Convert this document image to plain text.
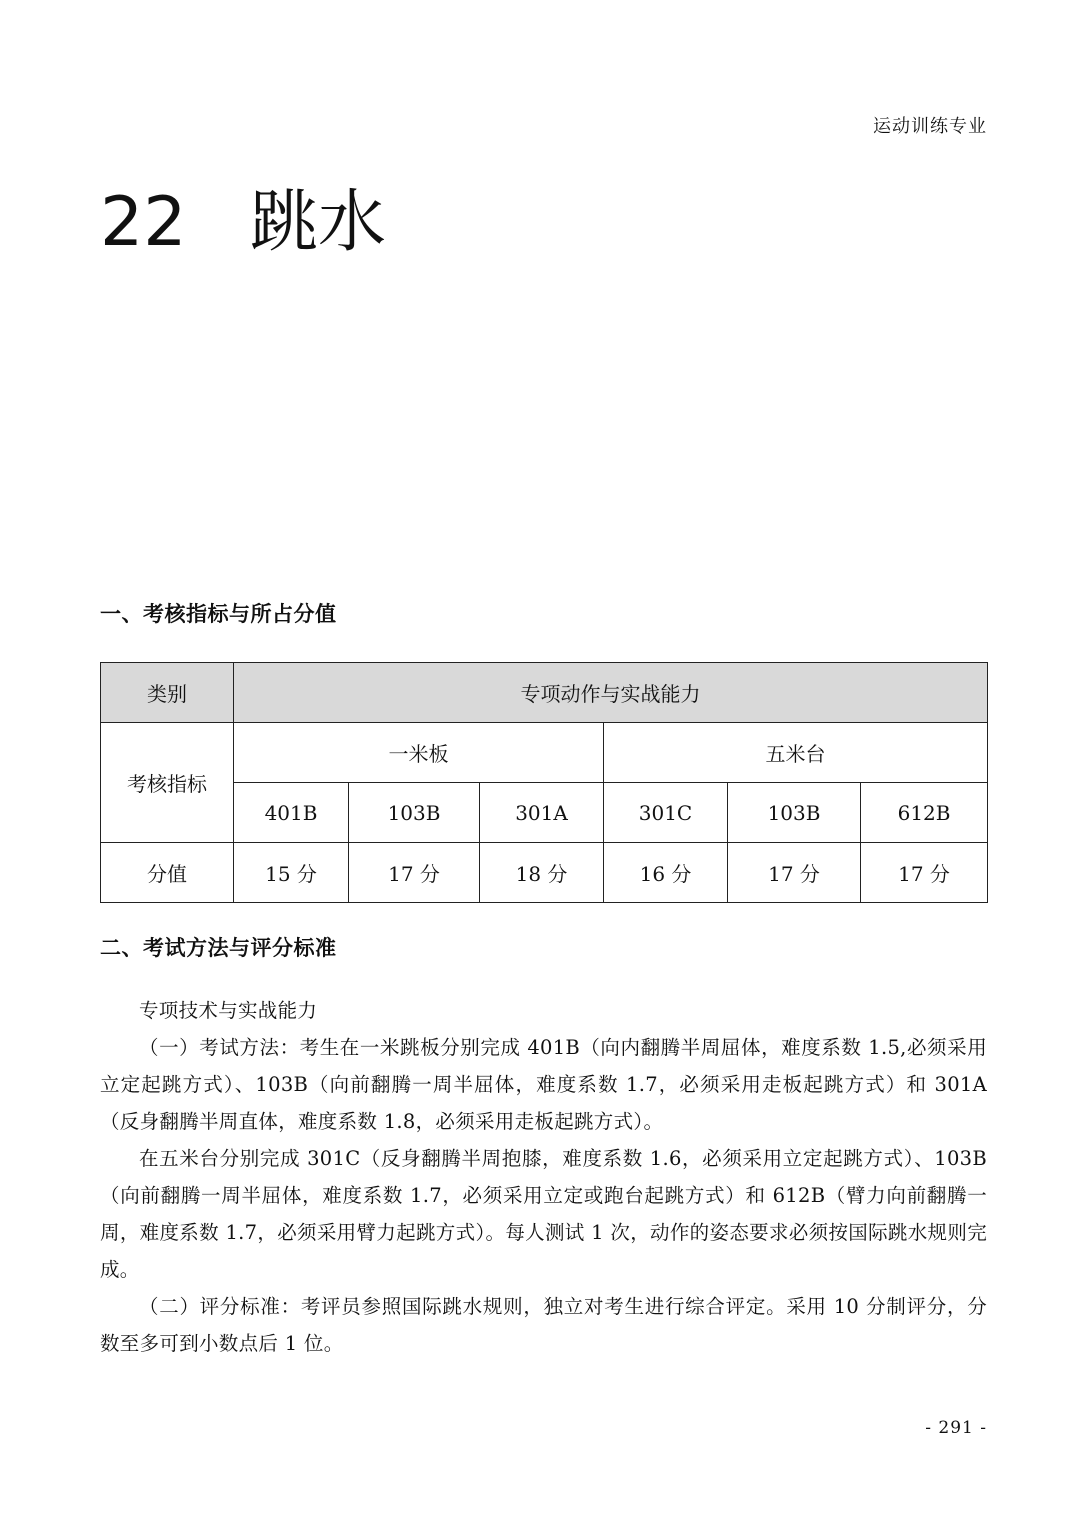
运动训练专业
22 跳水
一、考核指标与所占分值
类别	专项动作与实战能力					
考核指标	一米板			五米台		
	401B	103B	301A	301C	103B	612B
分值	15 分	17 分	18 分	16 分	17 分	17 分
二、考试方法与评分标准

专项技术与实战能力

（一）考试方法：考生在一米跳板分别完成 401B（向内翻腾半周屈体，难度系数 1.5,必须采用立定起跳方式）、103B（向前翻腾一周半屈体，难度系数 1.7，必须采用走板起跳方式）和 301A（反身翻腾半周直体，难度系数 1.8，必须采用走板起跳方式）。

在五米台分别完成 301C（反身翻腾半周抱膝，难度系数 1.6，必须采用立定起跳方式）、103B（向前翻腾一周半屈体，难度系数 1.7，必须采用立定或跑台起跳方式）和 612B（臂力向前翻腾一周，难度系数 1.7，必须采用臂力起跳方式）。每人测试 1 次，动作的姿态要求必须按国际跳水规则完成。

（二）评分标准：考评员参照国际跳水规则，独立对考生进行综合评定。采用 10 分制评分，分数至多可到小数点后 1 位。

- 291 -
